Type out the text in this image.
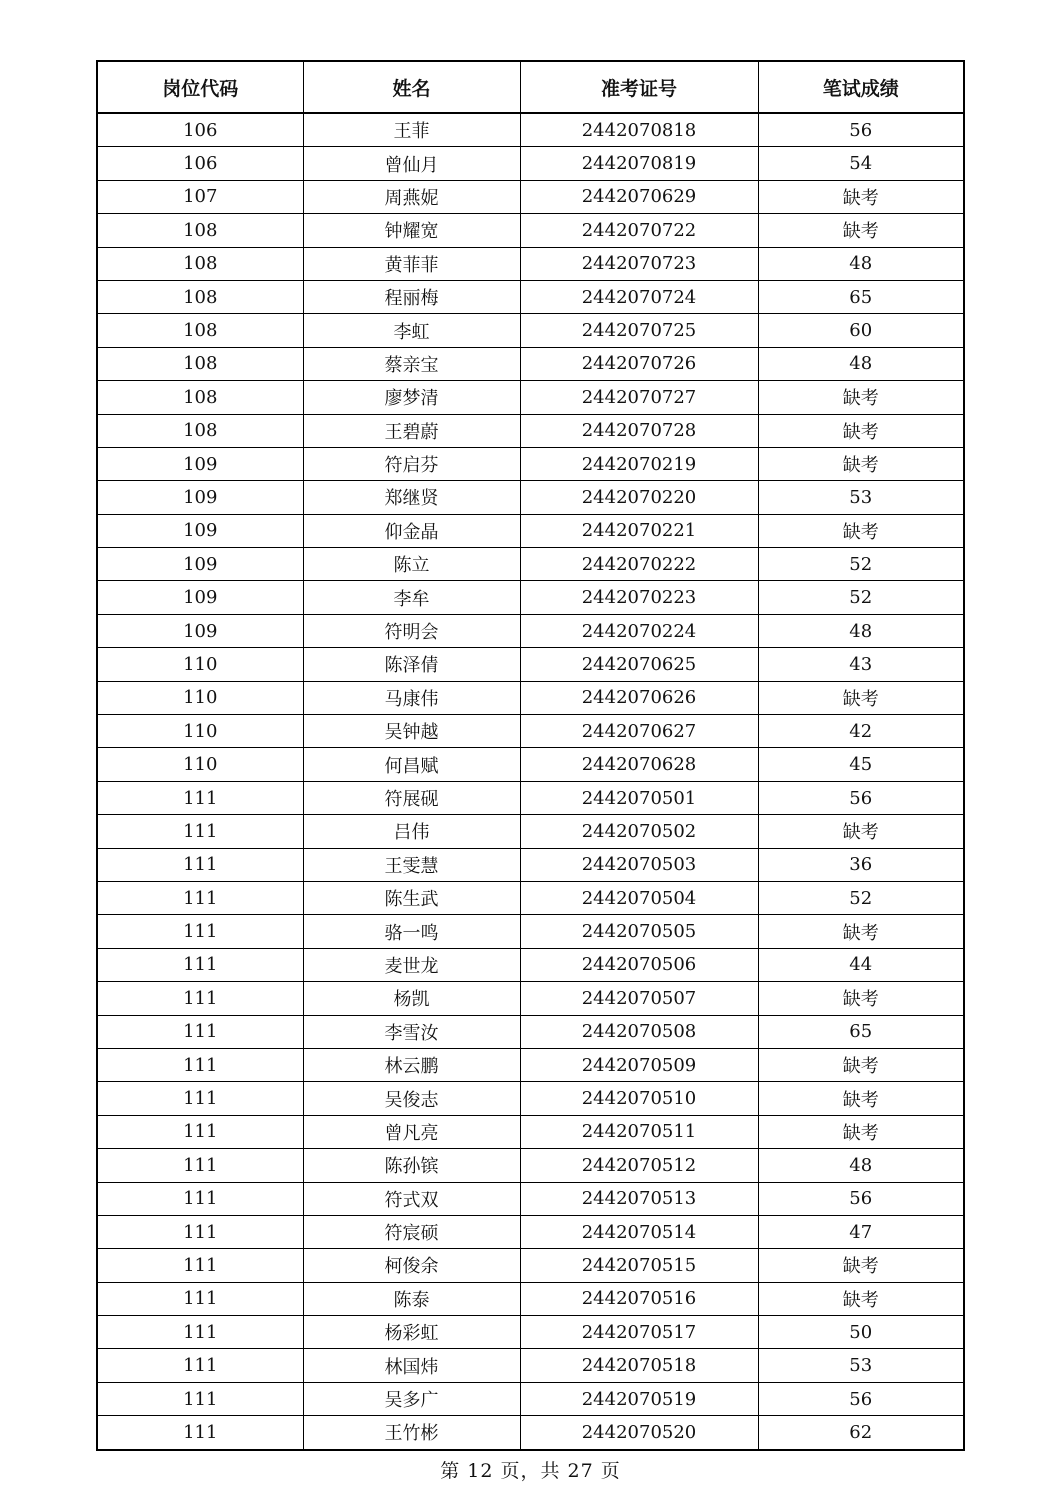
岗位代码	姓名	准考证号	笔试成绩
106	王菲	2442070818	56
106	曾仙月	2442070819	54
107	周燕妮	2442070629	缺考
108	钟耀宽	2442070722	缺考
108	黄菲菲	2442070723	48
108	程丽梅	2442070724	65
108	李虹	2442070725	60
108	蔡亲宝	2442070726	48
108	廖梦清	2442070727	缺考
108	王碧蔚	2442070728	缺考
109	符启芬	2442070219	缺考
109	郑继贤	2442070220	53
109	仰金晶	2442070221	缺考
109	陈立	2442070222	52
109	李牟	2442070223	52
109	符明会	2442070224	48
110	陈泽倩	2442070625	43
110	马康伟	2442070626	缺考
110	吴钟越	2442070627	42
110	何昌赋	2442070628	45
111	符展砚	2442070501	56
111	吕伟	2442070502	缺考
111	王雯慧	2442070503	36
111	陈生武	2442070504	52
111	骆一鸣	2442070505	缺考
111	麦世龙	2442070506	44
111	杨凯	2442070507	缺考
111	李雪汝	2442070508	65
111	林云鹏	2442070509	缺考
111	吴俊志	2442070510	缺考
111	曾凡亮	2442070511	缺考
111	陈孙镔	2442070512	48
111	符式双	2442070513	56
111	符宸硕	2442070514	47
111	柯俊余	2442070515	缺考
111	陈泰	2442070516	缺考
111	杨彩虹	2442070517	50
111	林国炜	2442070518	53
111	吴多广	2442070519	56
111	王竹彬	2442070520	62
第 12 页，共 27 页
